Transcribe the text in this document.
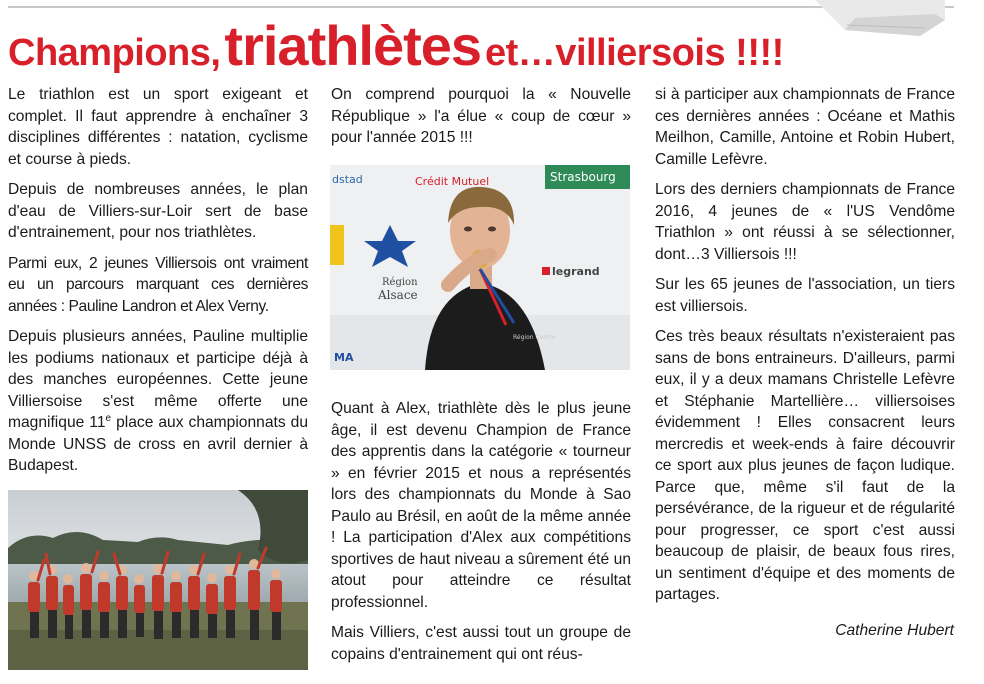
Champions, triathlètes et…villiersois !!!!

Le triathlon est un sport exigeant et complet. Il faut apprendre à enchaîner 3 disciplines différentes : natation, cyclisme et course à pieds.

Depuis de nombreuses années, le plan d'eau de Villiers-sur-Loir sert de base d'entrainement, pour nos triathlètes.

Parmi eux, 2 jeunes Villiersois ont vraiment eu un parcours marquant ces dernières années : Pauline Landron et Alex Verny.

Depuis plusieurs années, Pauline multiplie les podiums nationaux et participe déjà à des manches européennes. Cette jeune Villiersoise s'est même offerte une magnifique 11e place aux championnats du Monde UNSS de cross en avril dernier à Budapest.

On comprend pourquoi la « Nouvelle République » l'a élue « coup de cœur » pour l'année 2015 !!!

dstad	Crédit Mutuel	Strasbourg
Région
Alsace
legrand
MA
Région Centre

Quant à Alex, triathlète dès le plus jeune âge, il est devenu Champion de France des apprentis dans la catégorie « tourneur » en février 2015 et nous a représentés lors des championnats du Monde à Sao Paulo au Brésil, en août de la même année ! La participation d'Alex aux compétitions sportives de haut niveau a sûrement été un atout pour atteindre ce résultat professionnel.

Mais Villiers, c'est aussi tout un groupe de copains d'entrainement qui ont réus-

si à participer aux championnats de France ces dernières années : Océane et Mathis Meilhon, Camille, Antoine et Robin Hubert, Camille Lefèvre.

Lors des derniers championnats de France 2016, 4 jeunes de « l'US Vendôme Triathlon » ont réussi à se sélectionner, dont…3 Villiersois !!!

Sur les 65 jeunes de l'association, un tiers est villiersois.

Ces très beaux résultats n'existeraient pas sans de bons entraineurs. D'ailleurs, parmi eux, il y a deux mamans Christelle Lefèvre et Stéphanie Martellière… villiersoises évidemment ! Elles consacrent leurs mercredis et week-ends à faire découvrir ce sport aux plus jeunes de façon ludique. Parce que, même s'il faut de la persévérance, de la rigueur et de régularité pour progresser, ce sport c'est aussi beaucoup de plaisir, de beaux fous rires, un sentiment d'équipe et des moments de partages.

Catherine Hubert
